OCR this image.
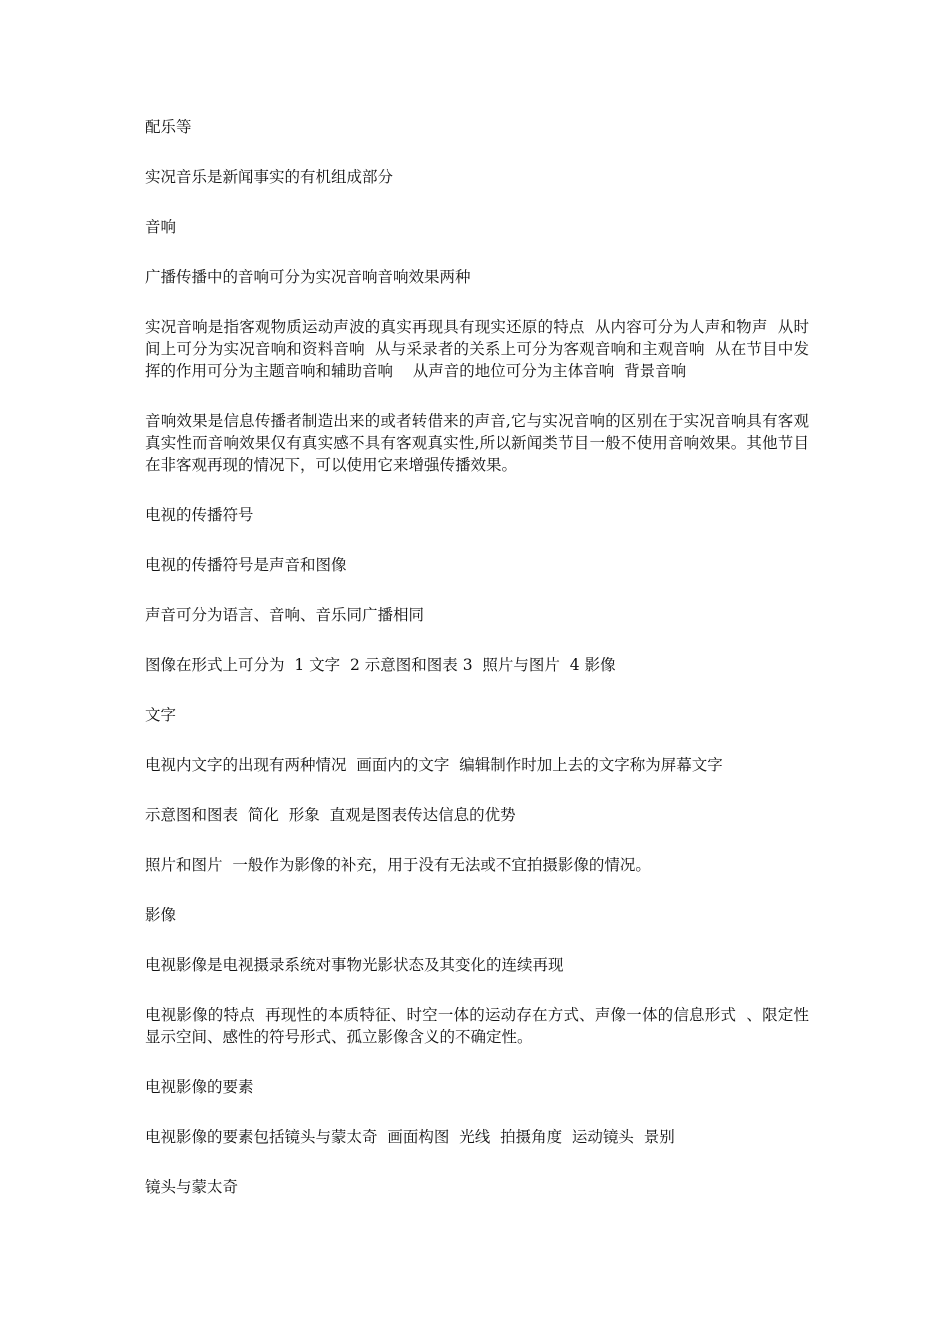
配乐等

实况音乐是新闻事实的有机组成部分

音响

广播传播中的音响可分为实况音响音响效果两种

实况音响是指客观物质运动声波的真实再现具有现实还原的特点  从内容可分为人声和物声  从时间上可分为实况音响和资料音响  从与采录者的关系上可分为客观音响和主观音响  从在节目中发挥的作用可分为主题音响和辅助音响    从声音的地位可分为主体音响  背景音响

音响效果是信息传播者制造出来的或者转借来的声音,它与实况音响的区别在于实况音响具有客观真实性而音响效果仅有真实感不具有客观真实性,所以新闻类节目一般不使用音响效果。其他节目在非客观再现的情况下，可以使用它来增强传播效果。

电视的传播符号

电视的传播符号是声音和图像

声音可分为语言、音响、音乐同广播相同

图像在形式上可分为  1 文字  2 示意图和图表 3  照片与图片  4 影像

文字

电视内文字的出现有两种情况  画面内的文字  编辑制作时加上去的文字称为屏幕文字

示意图和图表  简化  形象  直观是图表传达信息的优势

照片和图片  一般作为影像的补充，用于没有无法或不宜拍摄影像的情况。

影像

电视影像是电视摄录系统对事物光影状态及其变化的连续再现

电视影像的特点  再现性的本质特征、时空一体的运动存在方式、声像一体的信息形式  、限定性显示空间、感性的符号形式、孤立影像含义的不确定性。

电视影像的要素

电视影像的要素包括镜头与蒙太奇  画面构图  光线  拍摄角度  运动镜头  景别

镜头与蒙太奇
